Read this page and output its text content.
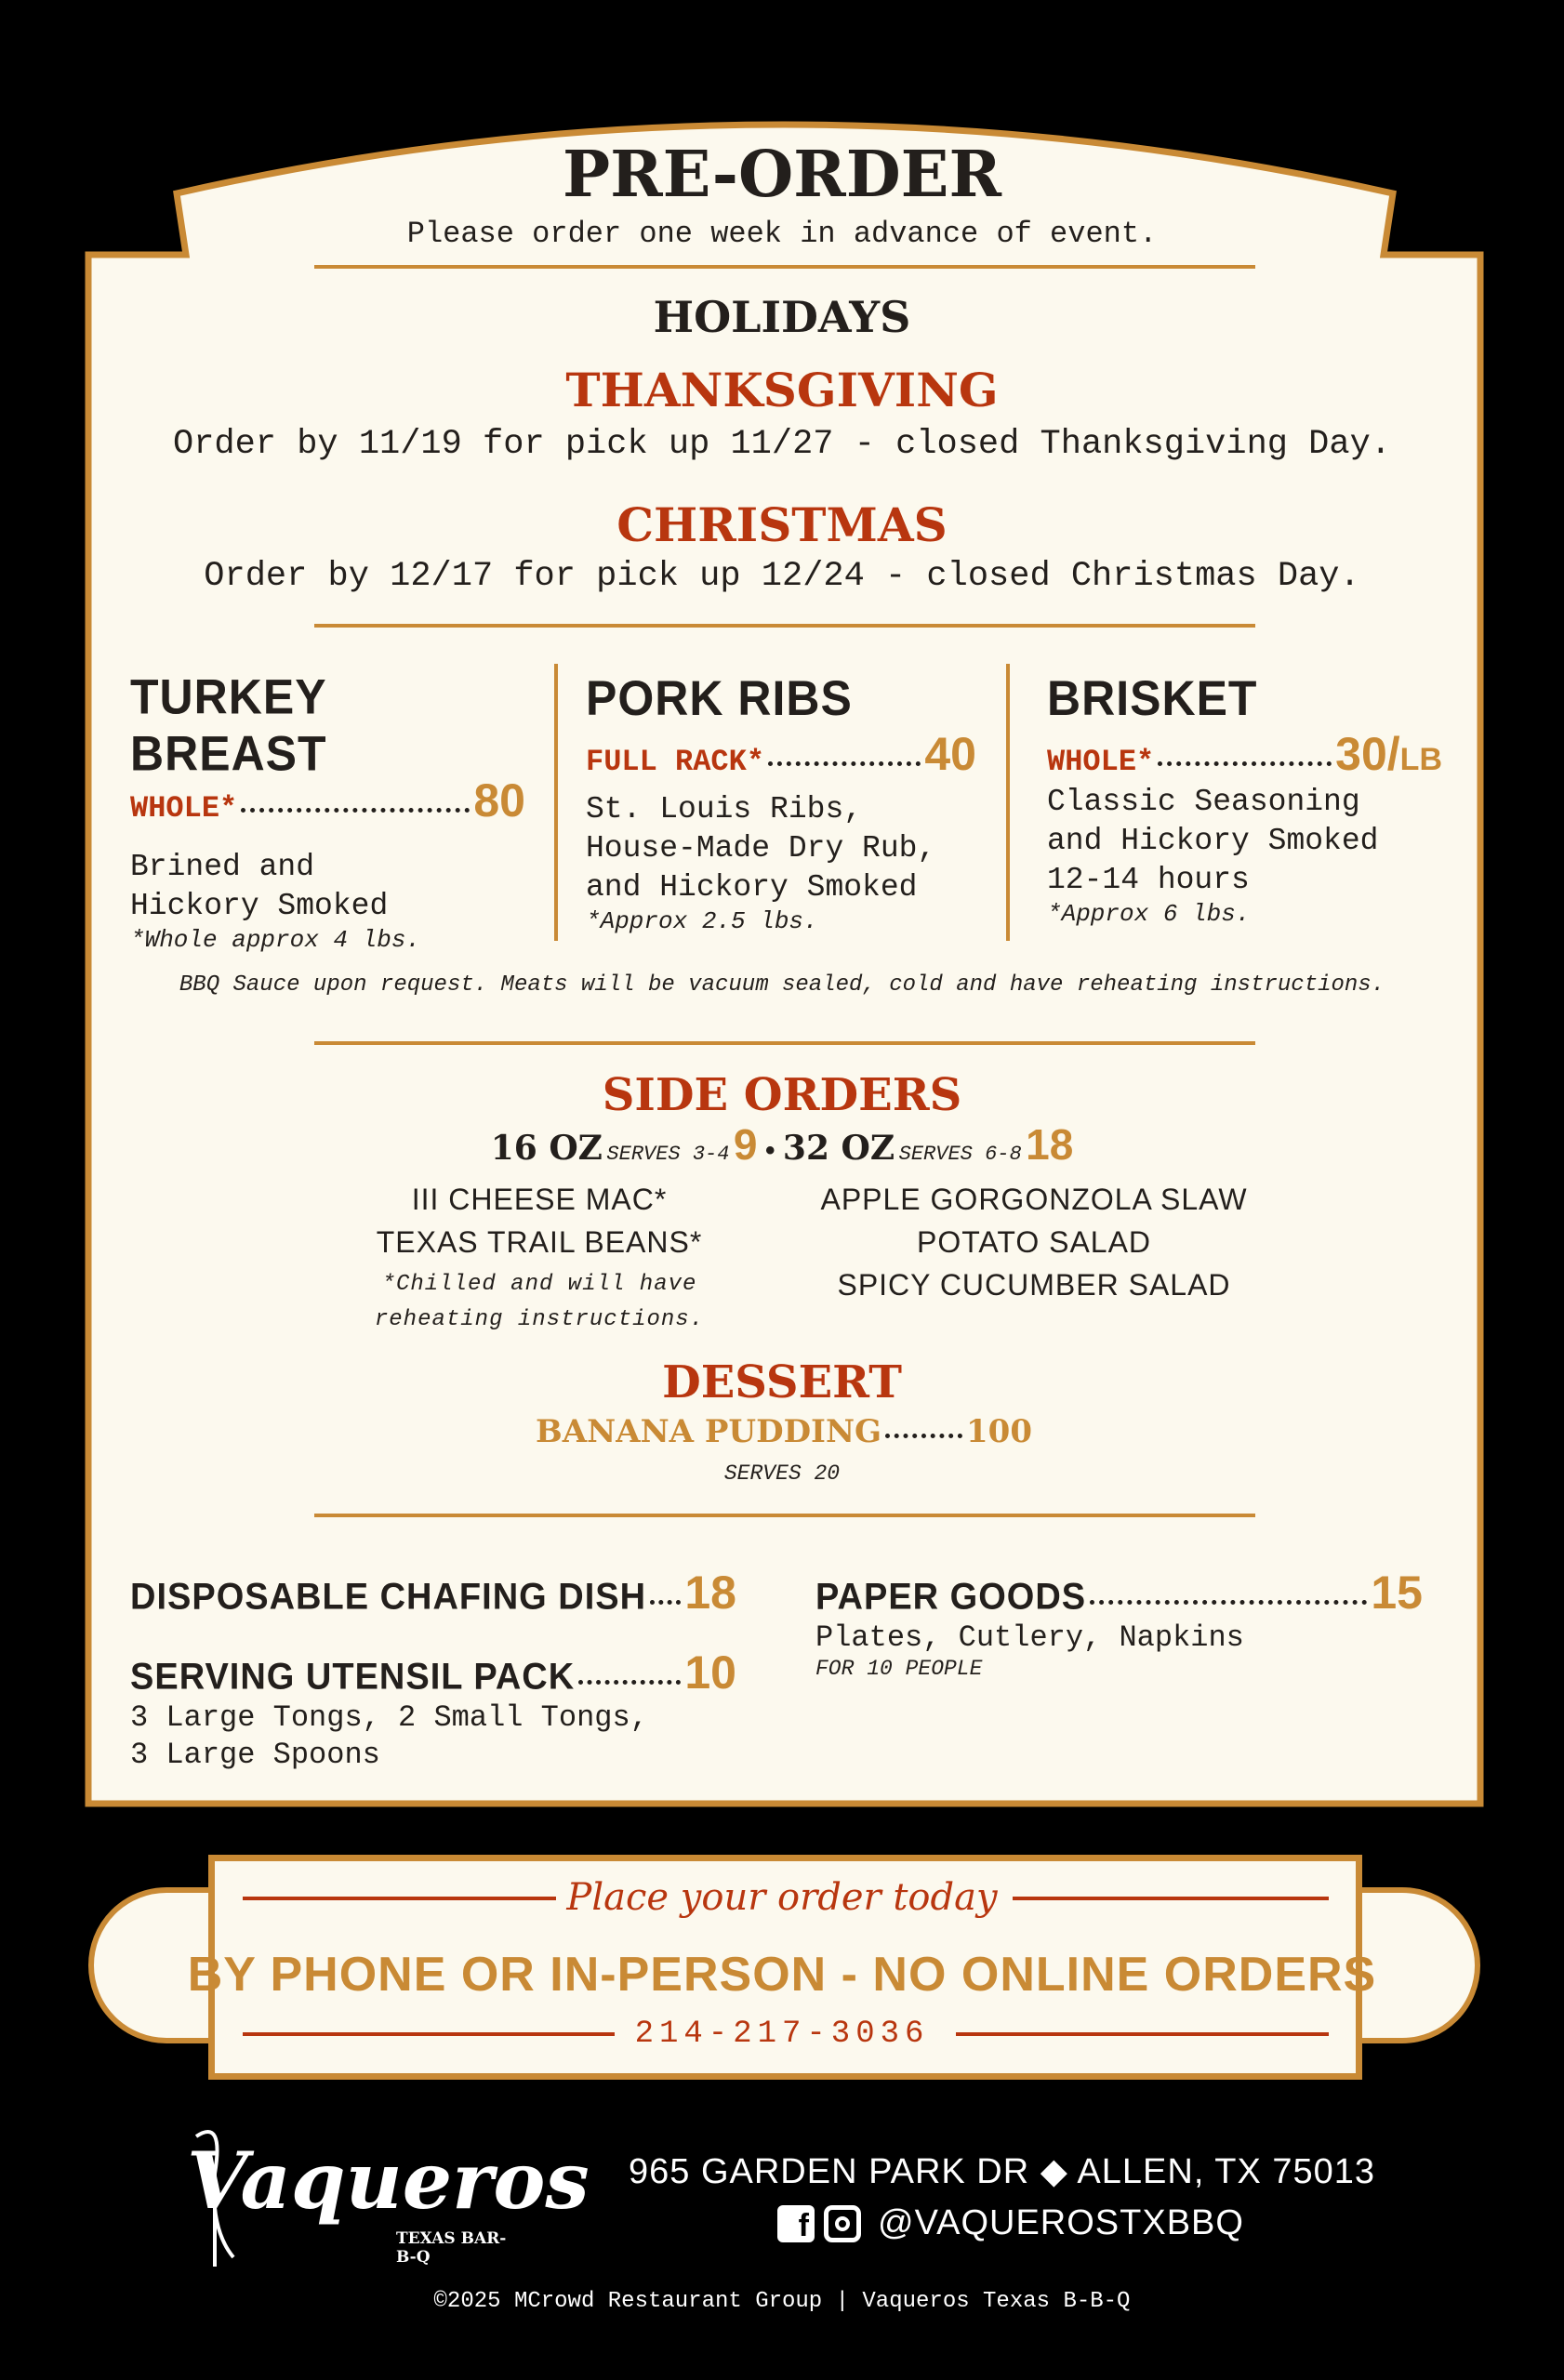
PRE-ORDER
Please order one week in advance of event.
HOLIDAYS
THANKSGIVING
Order by 11/19 for pick up 11/27 - closed Thanksgiving Day.
CHRISTMAS
Order by 12/17 for pick up 12/24 - closed Christmas Day.
TURKEY BREAST
WHOLE*	80
Brined and
Hickory Smoked
*Whole approx 4 lbs.
PORK RIBS
FULL RACK*	40
St. Louis Ribs,
House-Made Dry Rub,
and Hickory Smoked
*Approx 2.5 lbs.
BRISKET
WHOLE*	30/ LB
Classic Seasoning
and Hickory Smoked
12-14 hours
*Approx 6 lbs.
BBQ Sauce upon request. Meats will be vacuum sealed, cold and have reheating instructions.
SIDE ORDERS
16 OZ SERVES 3-4 9 • 32 OZ SERVES 6-8 18
III CHEESE MAC*
TEXAS TRAIL BEANS*
*Chilled and will have
reheating instructions.
APPLE GORGONZOLA SLAW
POTATO SALAD
SPICY CUCUMBER SALAD
DESSERT
BANANA PUDDING	100
SERVES 20
DISPOSABLE CHAFING DISH 18
SERVING UTENSIL PACK 10
3 Large Tongs, 2 Small Tongs,
3 Large Spoons
PAPER GOODS	15
Plates, Cutlery, Napkins
FOR 10 PEOPLE
Place your order today
BY PHONE OR IN-PERSON - NO ONLINE ORDERS
214-217-3036
Vaqueros
TEXAS BAR-B-Q
965 GARDEN PARK DR ◆ ALLEN, TX 75013
f @VAQUEROSTXBBQ
©2025 MCrowd Restaurant Group | Vaqueros Texas B-B-Q
